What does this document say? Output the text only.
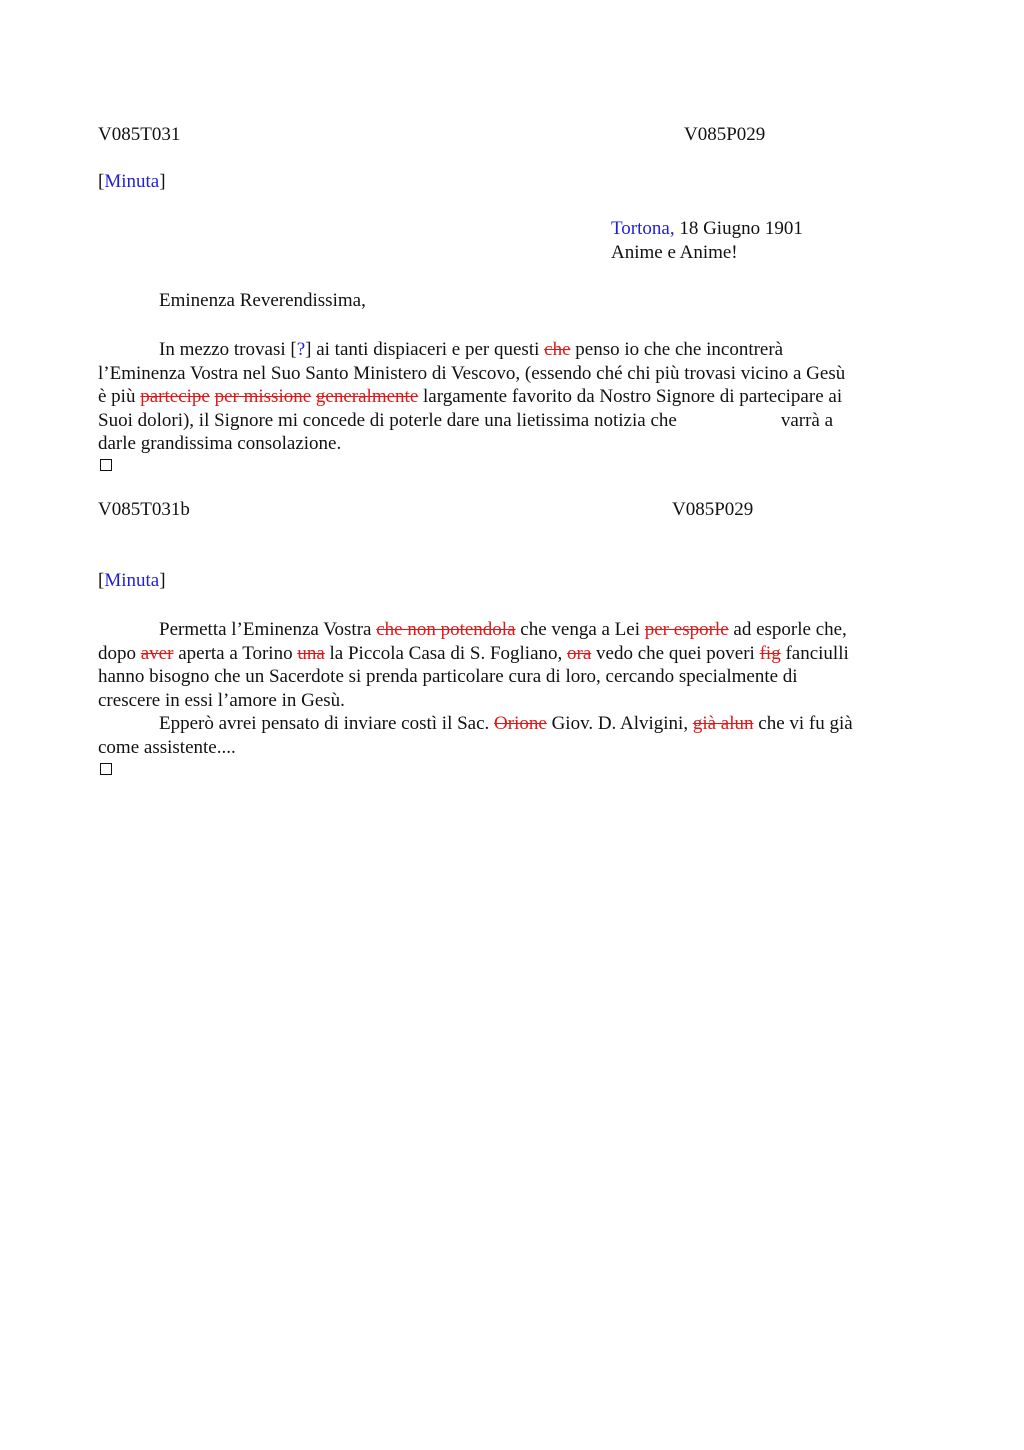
V085T031	V085P029
[Minuta]
Tortona, 18 Giugno 1901
Anime e Anime!
Eminenza Reverendissima,
In mezzo trovasi [?] ai tanti dispiaceri e per questi che penso io che che incontrerà
l’Eminenza Vostra nel Suo Santo Ministero di Vescovo, (essendo ché chi più trovasi vicino a Gesù
è più partecipe per missione generalmente largamente favorito da Nostro Signore di partecipare ai
Suoi dolori), il Signore mi concede di poterle dare una lietissima notizia che	varrà a
darle grandissima consolazione.
V085T031b	V085P029
[Minuta]
Permetta l’Eminenza Vostra che non potendola che venga a Lei per esporle ad esporle che,
dopo aver aperta a Torino una la Piccola Casa di S. Fogliano, ora vedo che quei poveri fig fanciulli
hanno bisogno che un Sacerdote si prenda particolare cura di loro, cercando specialmente di
crescere in essi l’amore in Gesù.
Epperò avrei pensato di inviare costì il Sac. Orione Giov. D. Alvigini, già alun che vi fu già
come assistente....
